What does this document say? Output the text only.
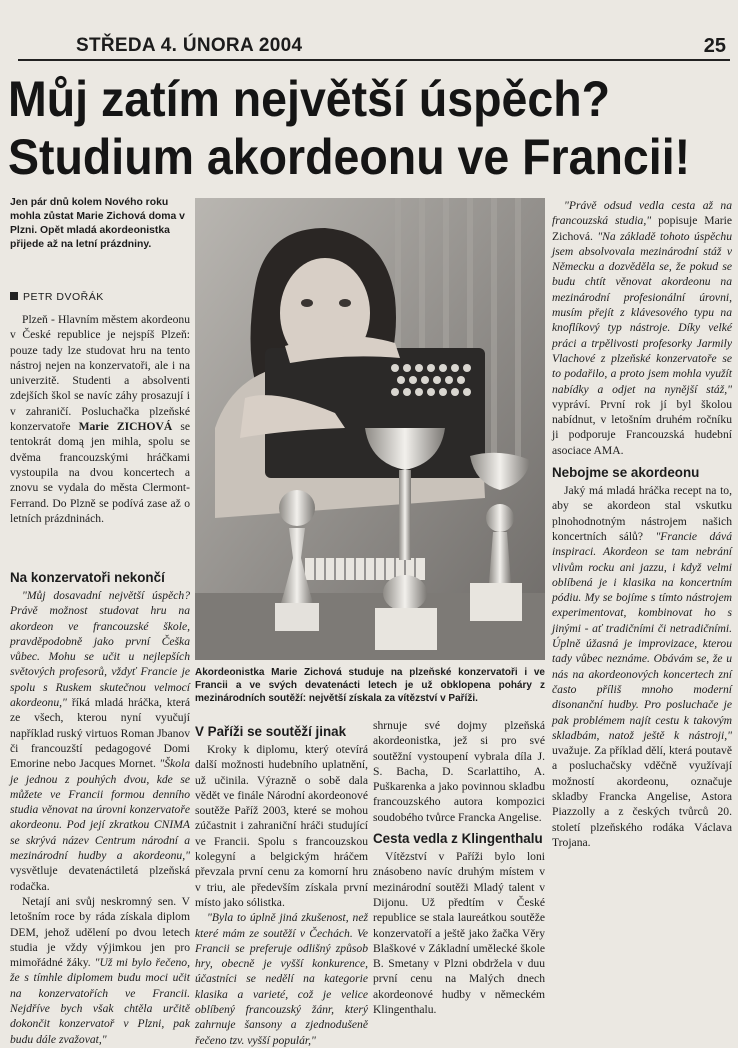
STŘEDA 4. ÚNORA 2004	25
Můj zatím největší úspěch?
Studium akordeonu ve Francii!
Jen pár dnů kolem Nového roku mohla zůstat Marie Zichová doma v Plzni. Opět mladá akordeonistka přijede až na letní prázdniny.
PETR DVOŘÁK

Plzeň - Hlavním městem akordeonu v České republice je nejspíš Plzeň: pouze tady lze studovat hru na tento nástroj nejen na konzervatoři, ale i na univerzitě. Studenti a absolventi zdejších škol se navíc záhy prosazují i v zahraničí. Posluchačka plzeňské konzervatoře Marie ZICHOVÁ se tentokrát domą jen mihla, spolu se dvěma francouzskými hráčkami vystoupila na dvou koncertech a znovu se vydala do města Clermont-Ferrand. Do Plzně se podívá zase až o letních prázdninách.

Na konzervatoři nekončí

"Můj dosavadní největší úspěch? Právě možnost studovat hru na akordeon ve francouzské škole, pravděpodobně jako první Češka vůbec. Mohu se učit u nejlepších světových profesorů, vždyť Francie je spolu s Ruskem skutečnou velmocí akordeonu," říká mladá hráčka, která ze všech, kterou nyní vyučují například ruský virtuos Roman Jbanov či francouzští pedagogové Domi Emorine nebo Jacques Mornet. "Škola je jednou z pouhých dvou, kde se můžete ve Francii formou denního studia věnovat na úrovni konzervatoře akordeonu. Pod její zkratkou CNIMA se skrývá název Centrum národní a mezinárodní hudby a akordeonu," vysvětluje devatenáctiletá plzeňská rodačka.

Netají ani svůj neskromný sen. V letošním roce by ráda získala diplom DEM, jehož udělení po dvou letech studia je vždy výjimkou jen pro mimořádné žáky. "Už mi bylo řečeno, že s tímhle diplomem budu moci učit na konzervatořích ve Francii. Nejdříve bych však chtěla určitě dokončit konzervatoř v Plzni, pak budu dále zvažovat,"

Akordeonistka Marie Zichová studuje na plzeňské konzervatoři i ve Francii a ve svých devatenácti letech je už obklopena poháry z mezinárodních soutěží: největší získala za vítězství v Paříži.
V Paříži se soutěží jinak

Kroky k diplomu, který otevírá další možnosti hudebního uplatnění, už učinila. Výrazně o sobě dala vědět ve finále Národní akordeonové soutěže Paříž 2003, které se mohou zúčastnit i zahraniční hráči studující ve Francii. Spolu s francouzskou kolegyní a belgickým hráčem převzala první cenu za komorní hru v triu, ale především získala první místo jako sólistka.

"Byla to úplně jiná zkušenost, než které mám ze soutěží v Čechách. Ve Francii se preferuje odlišný způsob hry, obecně je vyšší konkurence, účastníci se nedělí na kategorie klasika a varieté, což je velice oblíbený francouzský žánr, který zahrnuje šansony a zjednodušeně řečeno tzv. vyšší populár,"

shrnuje své dojmy plzeňská akordeonistka, jež si pro své soutěžní vystoupení vybrala díla J. S. Bacha, D. Scarlattiho, A. Puškarenka a jako povinnou skladbu francouzského autora kompozici soudobého tvůrce Francka Angelise.

Cesta vedla z Klingenthalu

Vítězství v Paříži bylo loni znásobeno navíc druhým místem v mezinárodní soutěži Mladý talent v Dijonu. Už předtím v České republice se stala laureátkou soutěže konzervatoří a ještě jako žačka Věry Blaškové v Základní umělecké škole B. Smetany v Plzni obdržela v duu první cenu na Malých dnech akordeonové hudby v německém Klingenthalu.

"Právě odsud vedla cesta až na francouzská studia," popisuje Marie Zichová. "Na základě tohoto úspěchu jsem absolvovala mezinárodní stáž v Německu a dozvěděla se, že pokud se budu chtít věnovat akordeonu na mezinárodní profesionální úrovni, musím přejít z klávesového typu na knoflíkový typ nástroje. Díky velké práci a trpělivosti profesorky Jarmily Vlachové z plzeňské konzervatoře se to podařilo, a proto jsem mohla využít nabídky a odjet na nynější stáž," vypráví. První rok jí byl školou nabídnut, v letošním druhém ročníku ji podporuje Francouzská hudební asociace AMA.

Nebojme se akordeonu

Jaký má mladá hráčka recept na to, aby se akordeon stal vskutku plnohodnotným nástrojem našich koncertních sálů? "Francie dává inspiraci. Akordeon se tam nebrání vlivům rocku ani jazzu, i když velmi oblíbená je i klasika na koncertním pódiu. My se bojíme s tímto nástrojem experimentovat, kombinovat ho s jinými - ať tradičními či netradičními. Úplně úžasná je improvizace, kterou tady vůbec neznáme. Obávám se, že u nás na akordeonových koncertech zní často příliš mnoho moderní disonanční hudby. Pro posluchače je pak problémem najít cestu k takovým skladbám, natož ještě k nástroji," uvažuje. Za příklad dělí, která poutavě a posluchačsky vděčně využívají možností akordeonu, označuje skladby Francka Angelise, Astora Piazzolly a z českých tvůrců 20. století plzeňského rodáka Václava Trojana.
